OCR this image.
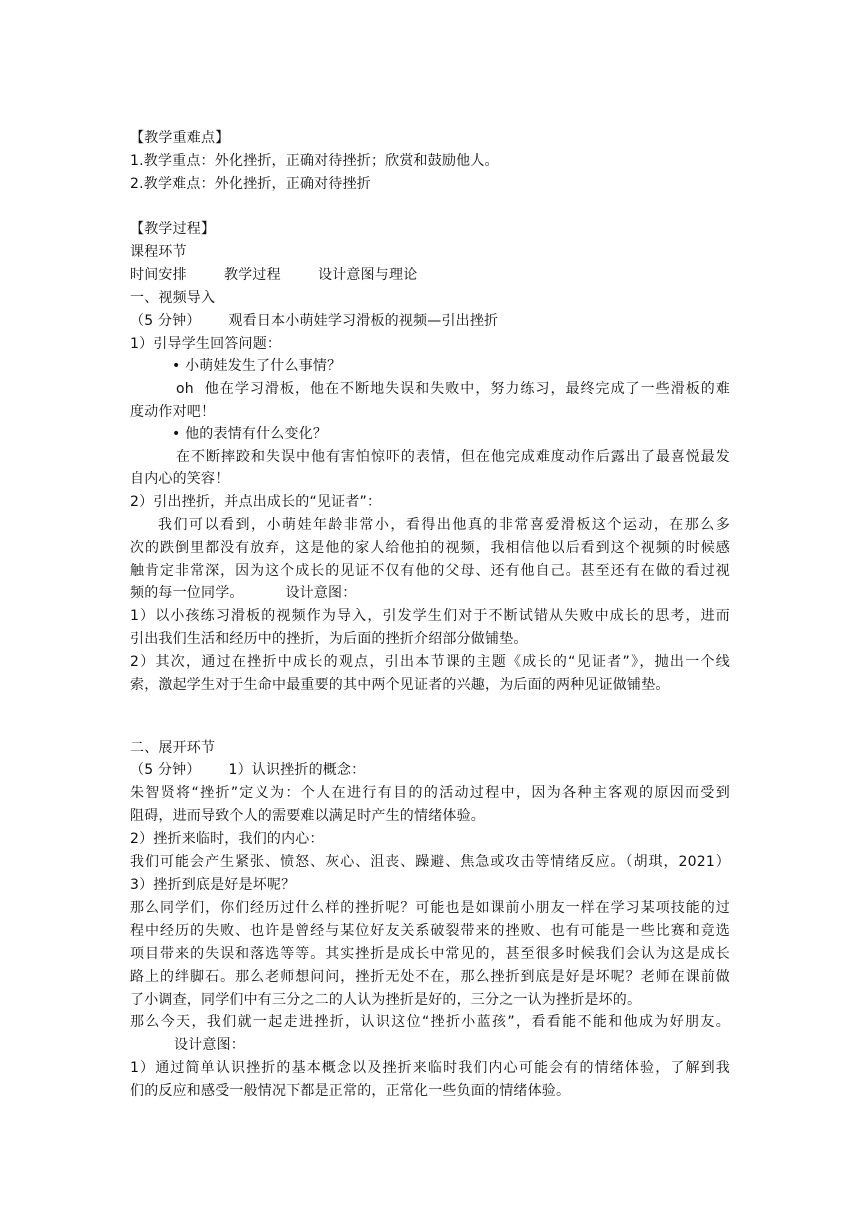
【教学重难点】
1.教学重点：外化挫折，正确对待挫折；欣赏和鼓励他人。
2.教学难点：外化挫折，正确对待挫折
【教学过程】
课程环节
时间安排        教学过程        设计意图与理论
一、视频导入
（5 分钟）      观看日本小萌娃学习滑板的视频—引出挫折
1）引导学生回答问题：
• 小萌娃发生了什么事情？
oh  他在学习滑板，他在不断地失误和失败中，努力练习，最终完成了一些滑板的难
度动作对吧！
• 他的表情有什么变化？
在不断摔跤和失误中他有害怕惊吓的表情，但在他完成难度动作后露出了最喜悦最发
自内心的笑容！
2）引出挫折，并点出成长的“见证者”：
我们可以看到，小萌娃年龄非常小，看得出他真的非常喜爱滑板这个运动，在那么多
次的跌倒里都没有放弃，这是他的家人给他拍的视频，我相信他以后看到这个视频的时候感
触肯定非常深，因为这个成长的见证不仅有他的父母、还有他自己。甚至还有在做的看过视
频的每一位同学。         设计意图：
1）以小孩练习滑板的视频作为导入，引发学生们对于不断试错从失败中成长的思考，进而
引出我们生活和经历中的挫折，为后面的挫折介绍部分做铺垫。
2）其次，通过在挫折中成长的观点，引出本节课的主题《成长的“见证者”》，抛出一个线
索，激起学生对于生命中最重要的其中两个见证者的兴趣，为后面的两种见证做铺垫。
二、展开环节
（5 分钟）      1）认识挫折的概念：
朱智贤将“挫折”定义为：个人在进行有目的的活动过程中，因为各种主客观的原因而受到
阻碍，进而导致个人的需要难以满足时产生的情绪体验。
2）挫折来临时，我们的内心：
我们可能会产生紧张、愤怒、灰心、沮丧、躁避、焦急或攻击等情绪反应。（胡琪，2021）
3）挫折到底是好是坏呢？
那么同学们，你们经历过什么样的挫折呢？可能也是如课前小朋友一样在学习某项技能的过
程中经历的失败、也许是曾经与某位好友关系破裂带来的挫败、也有可能是一些比赛和竞选
项目带来的失误和落选等等。其实挫折是成长中常见的，甚至很多时候我们会认为这是成长
路上的绊脚石。那么老师想问问，挫折无处不在，那么挫折到底是好是坏呢？老师在课前做
了小调查，同学们中有三分之二的人认为挫折是好的，三分之一认为挫折是坏的。
那么今天，我们就一起走进挫折，认识这位“挫折小蓝孩”，看看能不能和他成为好朋友。
设计意图：
1）通过简单认识挫折的基本概念以及挫折来临时我们内心可能会有的情绪体验，了解到我
们的反应和感受一般情况下都是正常的，正常化一些负面的情绪体验。
